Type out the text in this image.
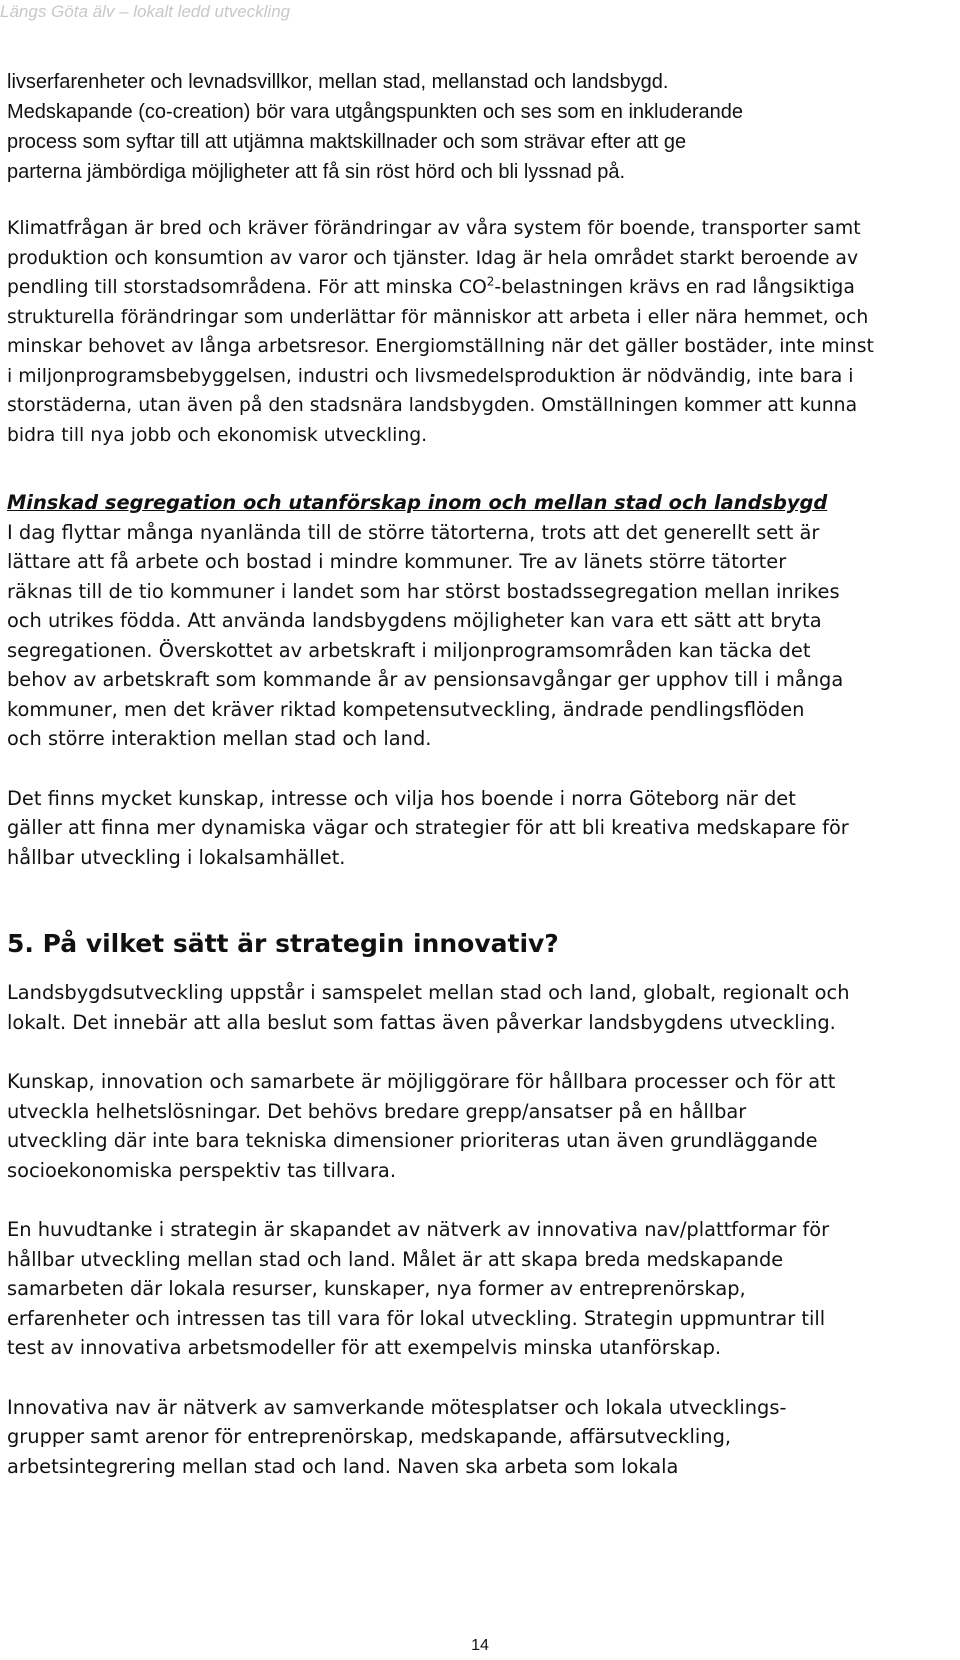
Längs Göta älv – lokalt ledd utveckling
livserfarenheter och levnadsvillkor, mellan stad, mellanstad och landsbygd.
Medskapande (co-creation) bör vara utgångspunkten och ses som en inkluderande
process som syftar till att utjämna maktskillnader och som strävar efter att ge
parterna jämbördiga möjligheter att få sin röst hörd och bli lyssnad på.
Klimatfrågan är bred och kräver förändringar av våra system för boende, transporter samt
produktion och konsumtion av varor och tjänster. Idag är hela området starkt beroende av
pendling till storstadsområdena. För att minska $CO^2$-belastningen krävs en rad långsiktiga
strukturella förändringar som underlättar för människor att arbeta i eller nära hemmet, och
minskar behovet av långa arbetsresor. Energiomställning när det gäller bostäder, inte minst
i miljonprogramsbebyggelsen, industri och livsmedelsproduktion är nödvändig, inte bara i
storstäderna, utan även på den stadsnära landsbygden. Omställningen kommer att kunna
bidra till nya jobb och ekonomisk utveckling.
Minskad segregation och utanförskap inom och mellan stad och landsbygd
I dag flyttar många nyanlända till de större tätorterna, trots att det generellt sett är
lättare att få arbete och bostad i mindre kommuner. Tre av länets större tätorter
räknas till de tio kommuner i landet som har störst bostadssegregation mellan inrikes
och utrikes födda. Att använda landsbygdens möjligheter kan vara ett sätt att bryta
segregationen. Överskottet av arbetskraft i miljonprogramsområden kan täcka det
behov av arbetskraft som kommande år av pensionsavgångar ger upphov till i många
kommuner, men det kräver riktad kompetensutveckling, ändrade pendlingsflöden
och större interaktion mellan stad och land.
Det finns mycket kunskap, intresse och vilja hos boende i norra Göteborg när det
gäller att finna mer dynamiska vägar och strategier för att bli kreativa medskapare för
hållbar utveckling i lokalsamhället.
5. På vilket sätt är strategin innovativ?
Landsbygdsutveckling uppstår i samspelet mellan stad och land, globalt, regionalt och
lokalt. Det innebär att alla beslut som fattas även påverkar landsbygdens utveckling.
Kunskap, innovation och samarbete är möjliggörare för hållbara processer och för att
utveckla helhetslösningar. Det behövs bredare grepp/ansatser på en hållbar
utveckling där inte bara tekniska dimensioner prioriteras utan även grundläggande
socioekonomiska perspektiv tas tillvara.
En huvudtanke i strategin är skapandet av nätverk av innovativa nav/plattformar för
hållbar utveckling mellan stad och land. Målet är att skapa breda medskapande
samarbeten där lokala resurser, kunskaper, nya former av entreprenörskap,
erfarenheter och intressen tas till vara för lokal utveckling. Strategin uppmuntrar till
test av innovativa arbetsmodeller för att exempelvis minska utanförskap.
Innovativa nav är nätverk av samverkande mötesplatser och lokala utvecklings-
grupper samt arenor för entreprenörskap, medskapande, affärsutveckling,
arbetsintegrering mellan stad och land. Naven ska arbeta som lokala
14
